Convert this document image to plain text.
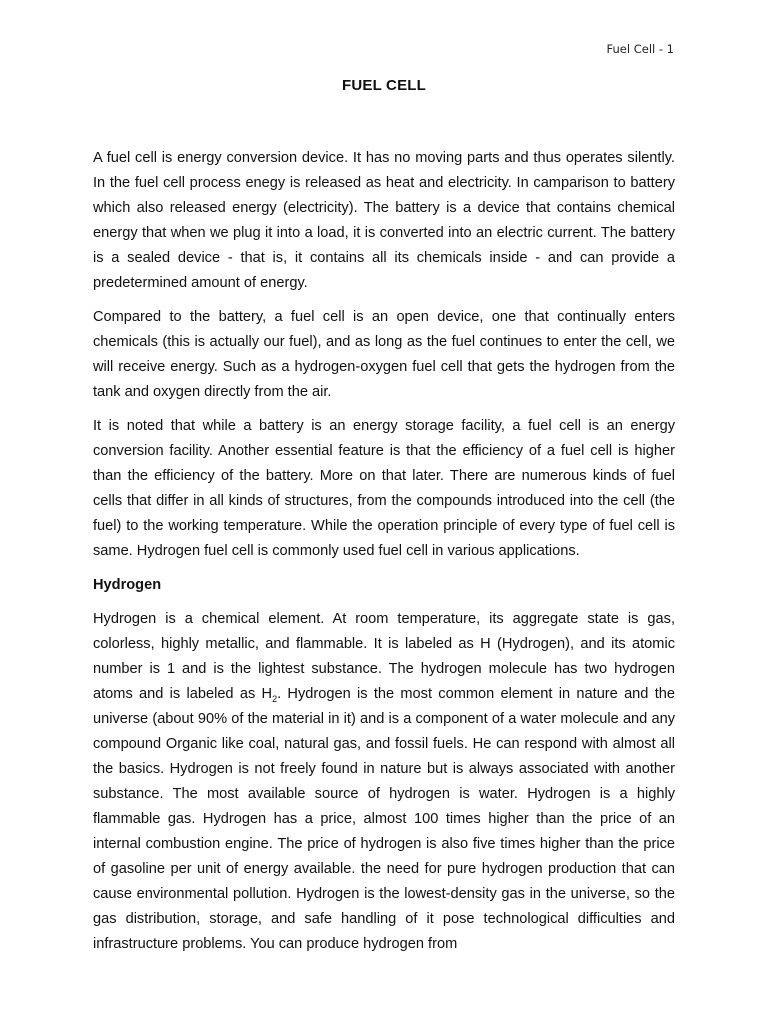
Fuel Cell - 1
FUEL CELL

A fuel cell is energy conversion device. It has no moving parts and thus operates silently. In the fuel cell process enegy is released as heat and electricity. In camparison to battery which also released energy (electricity). The battery is a device that contains chemical energy that when we plug it into a load, it is converted into an electric current. The battery is a sealed device - that is, it contains all its chemicals inside - and can provide a predetermined amount of energy.

Compared to the battery, a fuel cell is an open device, one that continually enters chemicals (this is actually our fuel), and as long as the fuel continues to enter the cell, we will receive energy. Such as a hydrogen-oxygen fuel cell that gets the hydrogen from the tank and oxygen directly from the air.

It is noted that while a battery is an energy storage facility, a fuel cell is an energy conversion facility. Another essential feature is that the efficiency of a fuel cell is higher than the efficiency of the battery. More on that later. There are numerous kinds of fuel cells that differ in all kinds of structures, from the compounds introduced into the cell (the fuel) to the working temperature. While the operation principle of every type of fuel cell is same. Hydrogen fuel cell is commonly used fuel cell in various applications.

Hydrogen

Hydrogen is a chemical element. At room temperature, its aggregate state is gas, colorless, highly metallic, and flammable. It is labeled as H (Hydrogen), and its atomic number is 1 and is the lightest substance. The hydrogen molecule has two hydrogen atoms and is labeled as $H_2$. Hydrogen is the most common element in nature and the universe (about 90% of the material in it) and is a component of a water molecule and any compound Organic like coal, natural gas, and fossil fuels. He can respond with almost all the basics. Hydrogen is not freely found in nature but is always associated with another substance. The most available source of hydrogen is water. Hydrogen is a highly flammable gas. Hydrogen has a price, almost 100 times higher than the price of an internal combustion engine. The price of hydrogen is also five times higher than the price of gasoline per unit of energy available. the need for pure hydrogen production that can cause environmental pollution. Hydrogen is the lowest-density gas in the universe, so the gas distribution, storage, and safe handling of it pose technological difficulties and infrastructure problems. You can produce hydrogen from
